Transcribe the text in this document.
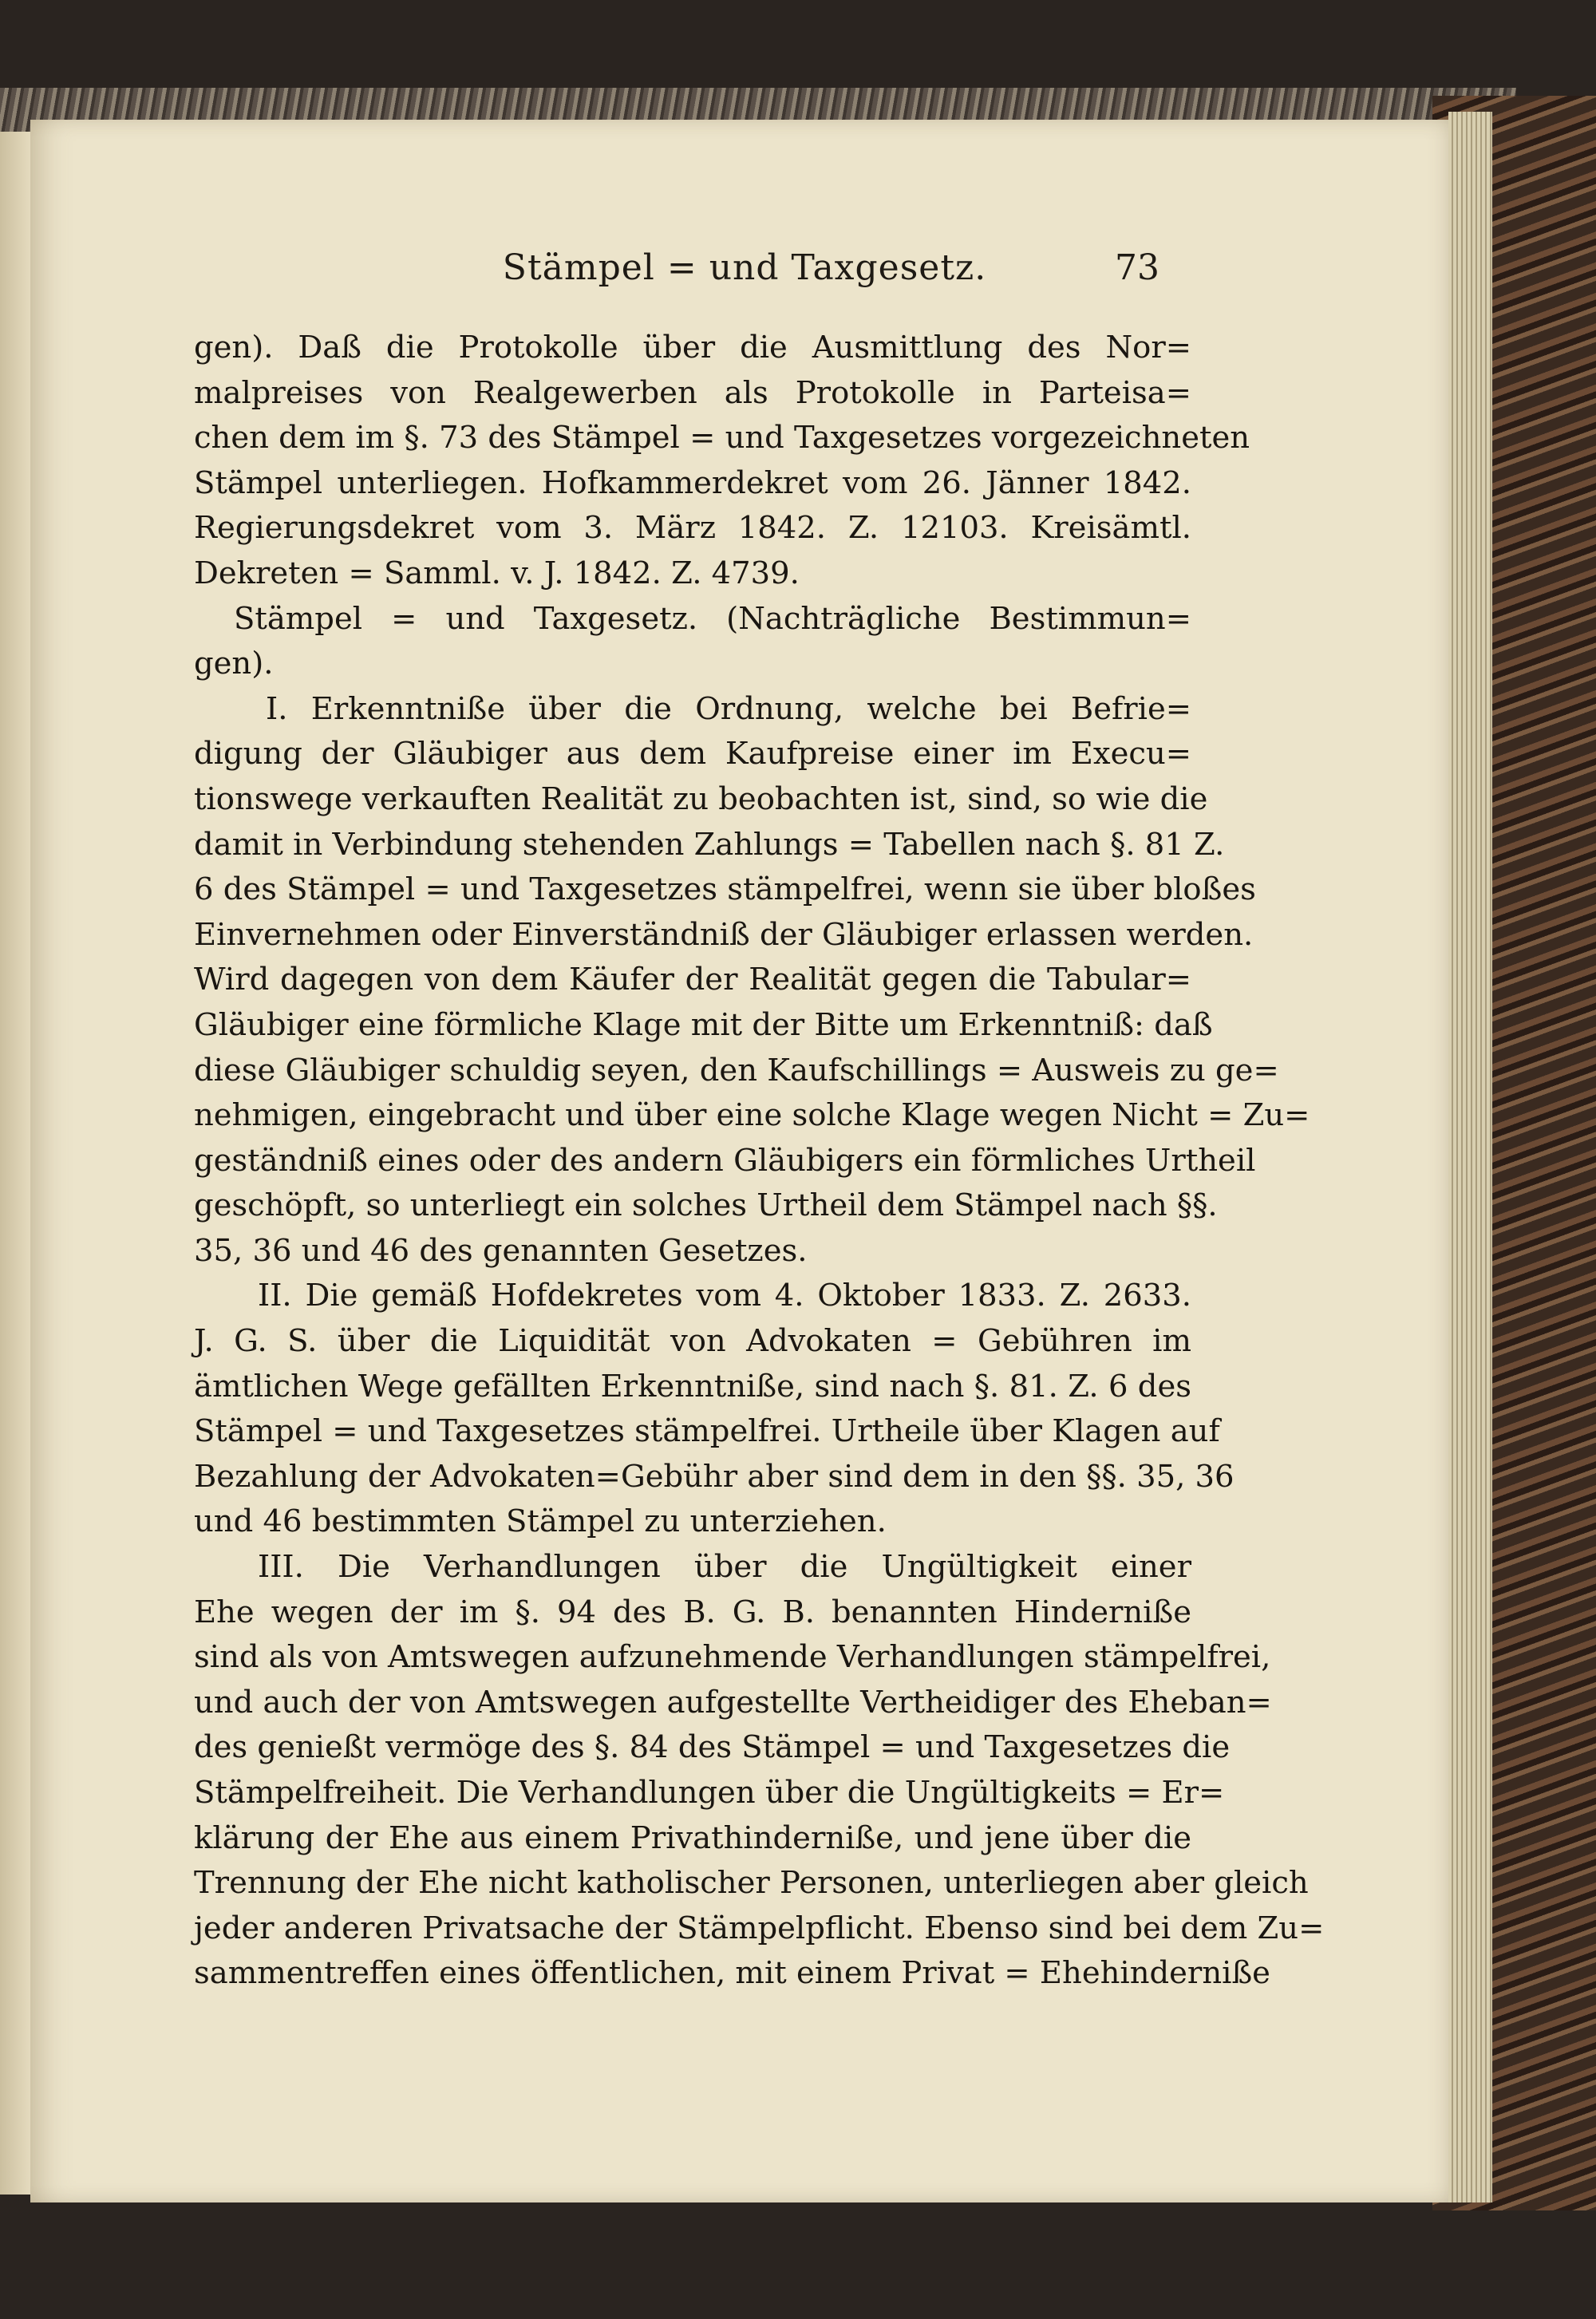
Stämpel = und Taxgesetz.	73
gen). Daß die Protokolle über die Ausmittlung des Nor=
malpreises von Realgewerben als Protokolle in Parteisa=
chen dem im §. 73 des Stämpel = und Taxgesetzes vorgezeichneten
Stämpel unterliegen. Hofkammerdekret vom 26. Jänner 1842.
Regierungsdekret vom 3. März 1842. Z. 12103. Kreisämtl.
Dekreten = Samml. v. J. 1842. Z. 4739.
Stämpel = und Taxgesetz. (Nachträgliche Bestimmun=
gen).
I. Erkenntniße über die Ordnung, welche bei Befrie=
digung der Gläubiger aus dem Kaufpreise einer im Execu=
tionswege verkauften Realität zu beobachten ist, sind, so wie die
damit in Verbindung stehenden Zahlungs = Tabellen nach §. 81 Z.
6 des Stämpel = und Taxgesetzes stämpelfrei, wenn sie über bloßes
Einvernehmen oder Einverständniß der Gläubiger erlassen werden.
Wird dagegen von dem Käufer der Realität gegen die Tabular=
Gläubiger eine förmliche Klage mit der Bitte um Erkenntniß: daß
diese Gläubiger schuldig seyen, den Kaufschillings = Ausweis zu ge=
nehmigen, eingebracht und über eine solche Klage wegen Nicht = Zu=
geständniß eines oder des andern Gläubigers ein förmliches Urtheil
geschöpft, so unterliegt ein solches Urtheil dem Stämpel nach §§.
35, 36 und 46 des genannten Gesetzes.
II. Die gemäß Hofdekretes vom 4. Oktober 1833. Z. 2633.
J. G. S. über die Liquidität von Advokaten = Gebühren im
ämtlichen Wege gefällten Erkenntniße, sind nach §. 81. Z. 6 des
Stämpel = und Taxgesetzes stämpelfrei. Urtheile über Klagen auf
Bezahlung der Advokaten=Gebühr aber sind dem in den §§. 35, 36
und 46 bestimmten Stämpel zu unterziehen.
III. Die Verhandlungen über die Ungültigkeit einer
Ehe wegen der im §. 94 des B. G. B. benannten Hinderniße
sind als von Amtswegen aufzunehmende Verhandlungen stämpelfrei,
und auch der von Amtswegen aufgestellte Vertheidiger des Eheban=
des genießt vermöge des §. 84 des Stämpel = und Taxgesetzes die
Stämpelfreiheit. Die Verhandlungen über die Ungültigkeits = Er=
klärung der Ehe aus einem Privathinderniße, und jene über die
Trennung der Ehe nicht katholischer Personen, unterliegen aber gleich
jeder anderen Privatsache der Stämpelpflicht. Ebenso sind bei dem Zu=
sammentreffen eines öffentlichen, mit einem Privat = Ehehinderniße
